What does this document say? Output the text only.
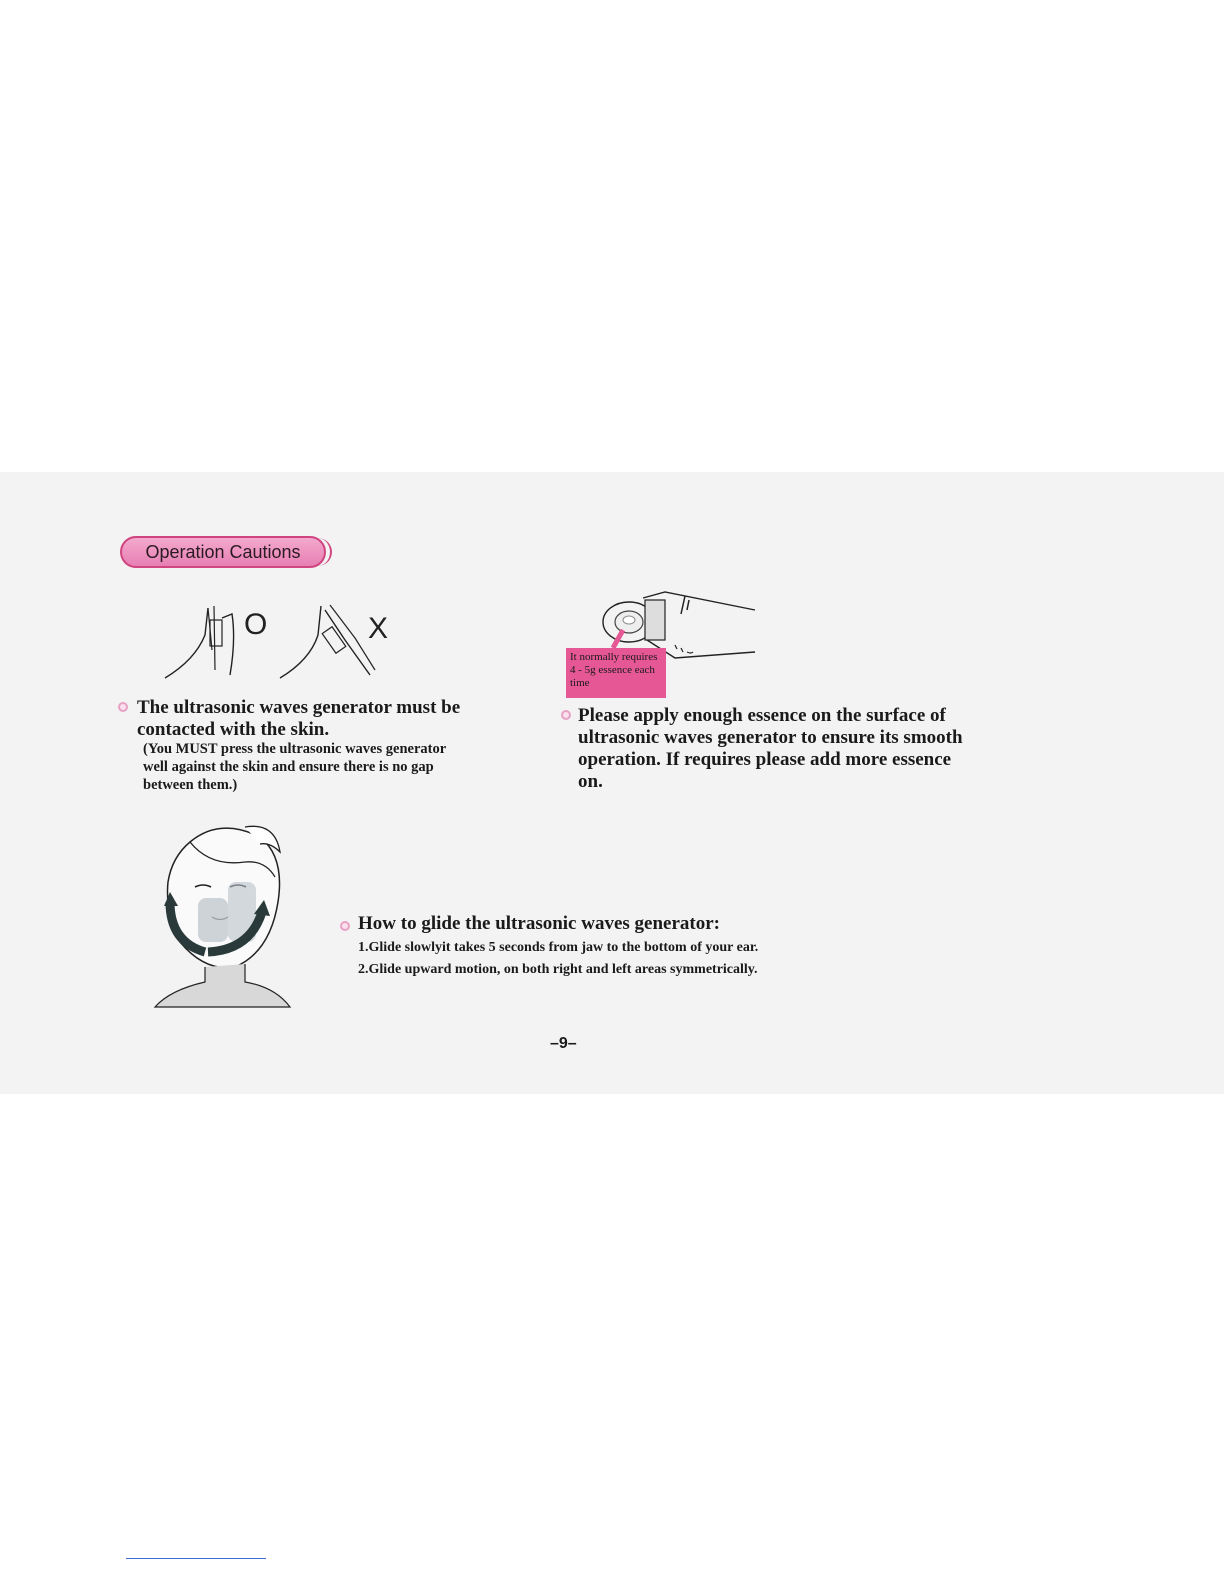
Operation Cautions
O	X
The ultrasonic waves generator must be contacted with the skin.
(You MUST press the ultrasonic waves generator well against the skin and ensure there is no gap between them.)
It normally requires 4 - 5g essence each time
Please apply enough essence on the surface of ultrasonic waves generator to ensure its smooth operation. If requires please add more essence on.
How to glide the ultrasonic waves generator:
1.Glide slowlyit takes 5 seconds from jaw to the bottom of your ear.
2.Glide upward motion, on both right and left areas symmetrically.
–9–
